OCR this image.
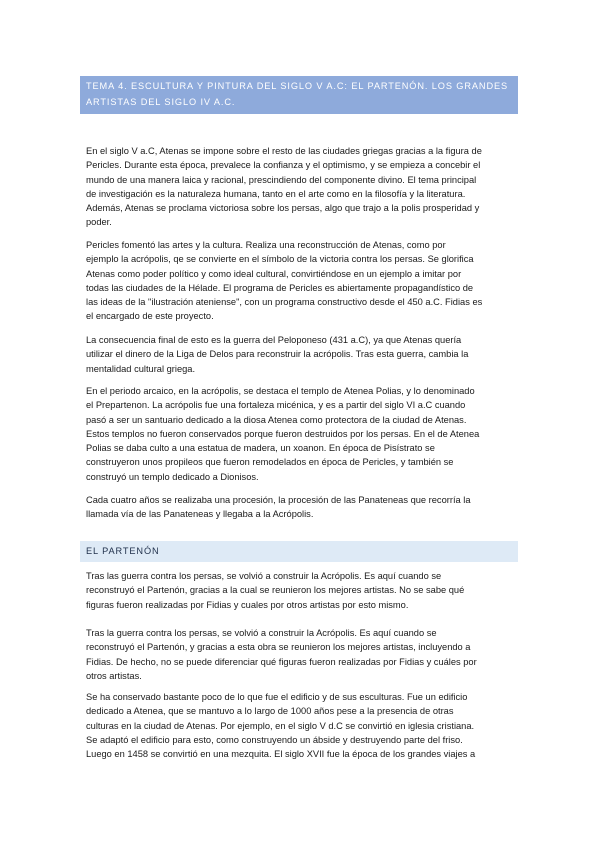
TEMA 4. ESCULTURA Y PINTURA DEL SIGLO V A.C: EL PARTENÓN. LOS GRANDES
ARTISTAS DEL SIGLO IV A.C.
En el siglo V a.C, Atenas se impone sobre el resto de las ciudades griegas gracias a la figura de
Pericles. Durante esta época, prevalece la confianza y el optimismo, y se empieza a concebir el
mundo de una manera laica y racional, prescindiendo del componente divino. El tema principal
de investigación es la naturaleza humana, tanto en el arte como en la filosofía y la literatura.
Además, Atenas se proclama victoriosa sobre los persas, algo que trajo a la polis prosperidad y
poder.
Pericles fomentó las artes y la cultura. Realiza una reconstrucción de Atenas, como por
ejemplo la acrópolis, qe se convierte en el símbolo de la victoria contra los persas. Se glorifica
Atenas como poder político y como ideal cultural, convirtiéndose en un ejemplo a imitar por
todas las ciudades de la Hélade. El programa de Pericles es abiertamente propagandístico de
las ideas de la "ilustración ateniense", con un programa constructivo desde el 450 a.C. Fidias es
el encargado de este proyecto.
La consecuencia final de esto es la guerra del Peloponeso (431 a.C), ya que Atenas quería
utilizar el dinero de la Liga de Delos para reconstruir la acrópolis. Tras esta guerra, cambia la
mentalidad cultural griega.
En el periodo arcaico, en la acrópolis, se destaca el templo de Atenea Polias, y lo denominado
el Prepartenon. La acrópolis fue una fortaleza micénica, y es a partir del siglo VI a.C cuando
pasó a ser un santuario dedicado a la diosa Atenea como protectora de la ciudad de Atenas.
Estos templos no fueron conservados porque fueron destruidos por los persas. En el de Atenea
Polias se daba culto a una estatua de madera, un xoanon. En época de Pisístrato se
construyeron unos propileos que fueron remodelados en época de Pericles, y también se
construyó un templo dedicado a Dionisos.
Cada cuatro años se realizaba una procesión, la procesión de las Panateneas que recorría la
llamada vía de las Panateneas y llegaba a la Acrópolis.
EL PARTENÓN
Tras las guerra contra los persas, se volvió a construir la Acrópolis. Es aquí cuando se
reconstruyó el Partenón, gracias a la cual se reunieron los mejores artistas. No se sabe qué
figuras fueron realizadas por Fidias y cuales por otros artistas por esto mismo.
Tras la guerra contra los persas, se volvió a construir la Acrópolis. Es aquí cuando se
reconstruyó el Partenón, y gracias a esta obra se reunieron los mejores artistas, incluyendo a
Fidias. De hecho, no se puede diferenciar qué figuras fueron realizadas por Fidias y cuáles por
otros artistas.
Se ha conservado bastante poco de lo que fue el edificio y de sus esculturas. Fue un edificio
dedicado a Atenea, que se mantuvo a lo largo de 1000 años pese a la presencia de otras
culturas en la ciudad de Atenas. Por ejemplo, en el siglo V d.C se convirtió en iglesia cristiana.
Se adaptó el edificio para esto, como construyendo un ábside y destruyendo parte del friso.
Luego en 1458 se convirtió en una mezquita. El siglo XVII fue la época de los grandes viajes a
